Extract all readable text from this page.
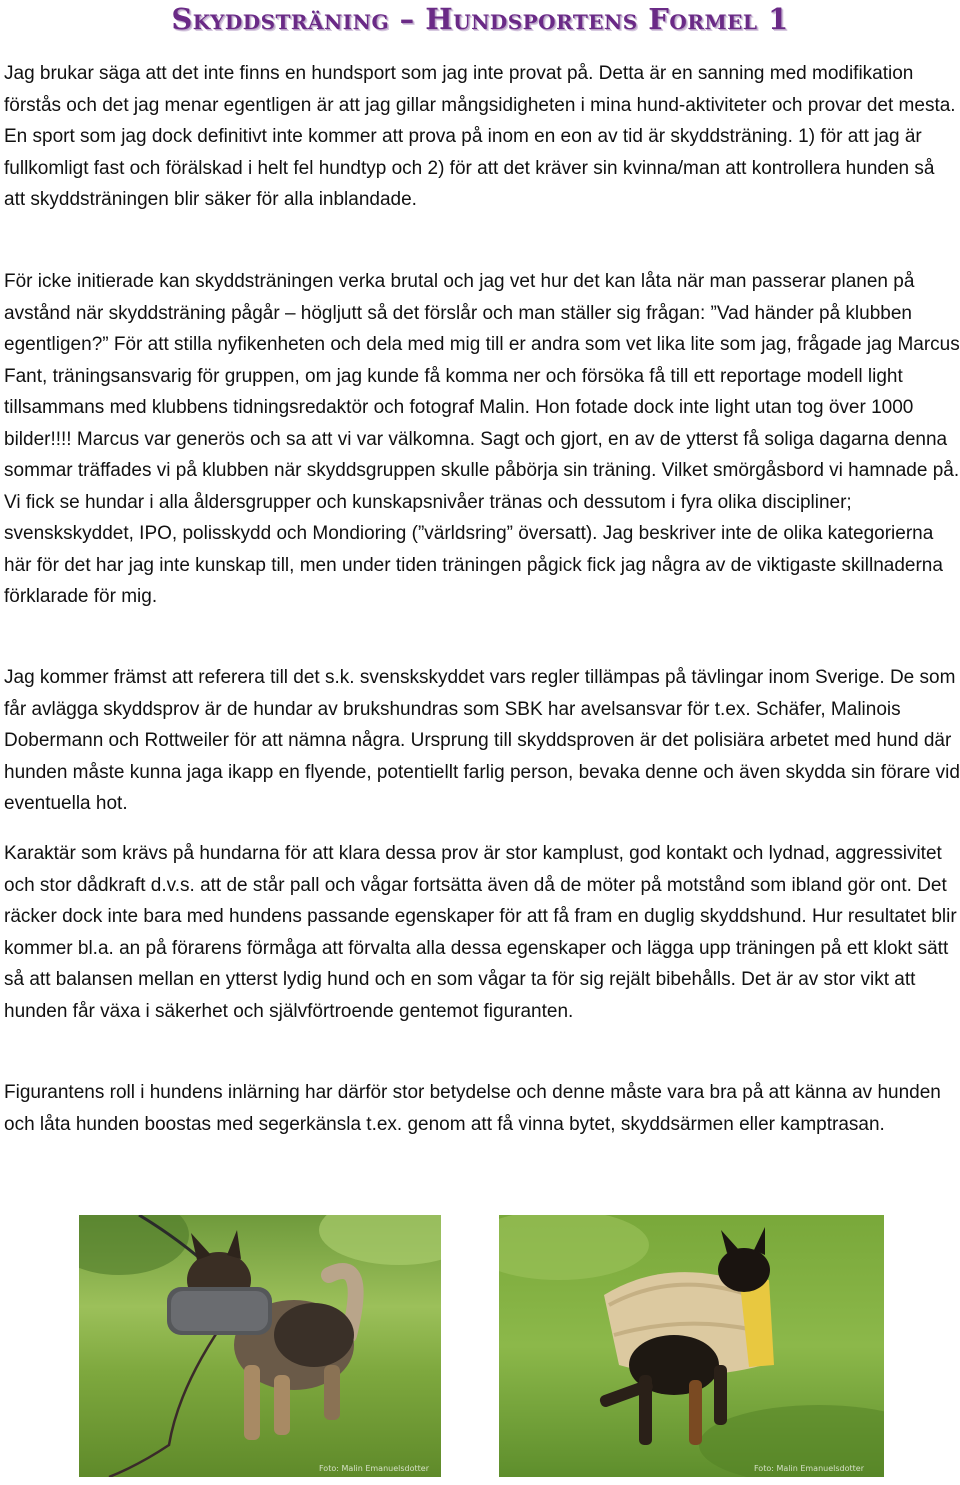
Skyddsträning – Hundsportens Formel 1

Jag brukar säga att det inte finns en hundsport som jag inte provat på. Detta är en sanning med modifikation förstås och det jag menar egentligen är att jag gillar mångsidigheten i mina hund-aktiviteter och provar det mesta. En sport som jag dock definitivt inte kommer att prova på inom en eon av tid är skyddsträning. 1) för att jag är fullkomligt fast och förälskad i helt fel hundtyp och 2) för att det kräver sin kvinna/man att kontrollera hunden så att skyddsträningen blir säker för alla inblandade.

För icke initierade kan skyddsträningen verka brutal och jag vet hur det kan låta när man passerar planen på avstånd när skyddsträning pågår – högljutt så det förslår och man ställer sig frågan: ”Vad händer på klubben egentligen?” För att stilla nyfikenheten och dela med mig till er andra som vet lika lite som jag, frågade jag Marcus Fant, träningsansvarig för gruppen, om jag kunde få komma ner och försöka få till ett reportage modell light tillsammans med klubbens tidningsredaktör och fotograf Malin. Hon fotade dock inte light utan tog över 1000 bilder!!!! Marcus var generös och sa att vi var välkomna. Sagt och gjort, en av de ytterst få soliga dagarna denna sommar träffades vi på klubben när skyddsgruppen skulle påbörja sin träning. Vilket smörgåsbord vi hamnade på. Vi fick se hundar i alla åldersgrupper och kunskapsnivåer tränas och dessutom i fyra olika discipliner; svenskskyddet, IPO, polisskydd och Mondioring (”världsring” översatt). Jag beskriver inte de olika kategorierna här för det har jag inte kunskap till, men under tiden träningen pågick fick jag några av de viktigaste skillnaderna förklarade för mig.

Jag kommer främst att referera till det s.k. svenskskyddet vars regler tillämpas på tävlingar inom Sverige. De som får avlägga skyddsprov är de hundar av brukshundras som SBK har avelsansvar för t.ex. Schäfer, Malinois Dobermann och Rottweiler för att nämna några. Ursprung till skyddsproven är det polisiära arbetet med hund där hunden måste kunna jaga ikapp en flyende, potentiellt farlig person, bevaka denne och även skydda sin förare vid eventuella hot.

Karaktär som krävs på hundarna för att klara dessa prov är stor kamplust, god kontakt och lydnad, aggressivitet och stor dådkraft d.v.s. att de står pall och vågar fortsätta även då de möter på motstånd som ibland gör ont. Det räcker dock inte bara med hundens passande egenskaper för att få fram en duglig skyddshund. Hur resultatet blir kommer bl.a. an på förarens förmåga att förvalta alla dessa egenskaper och lägga upp träningen på ett klokt sätt så att balansen mellan en ytterst lydig hund och en som vågar ta för sig rejält bibehålls. Det är av stor vikt att hunden får växa i säkerhet och självförtroende gentemot figuranten.

Figurantens roll i hundens inlärning har därför stor betydelse och denne måste vara bra på att känna av hunden och låta hunden boostas med segerkänsla t.ex. genom att få vinna bytet, skyddsärmen eller kamptrasan.

Foto: Malin Emanuelsdotter	Foto: Malin Emanuelsdotter
